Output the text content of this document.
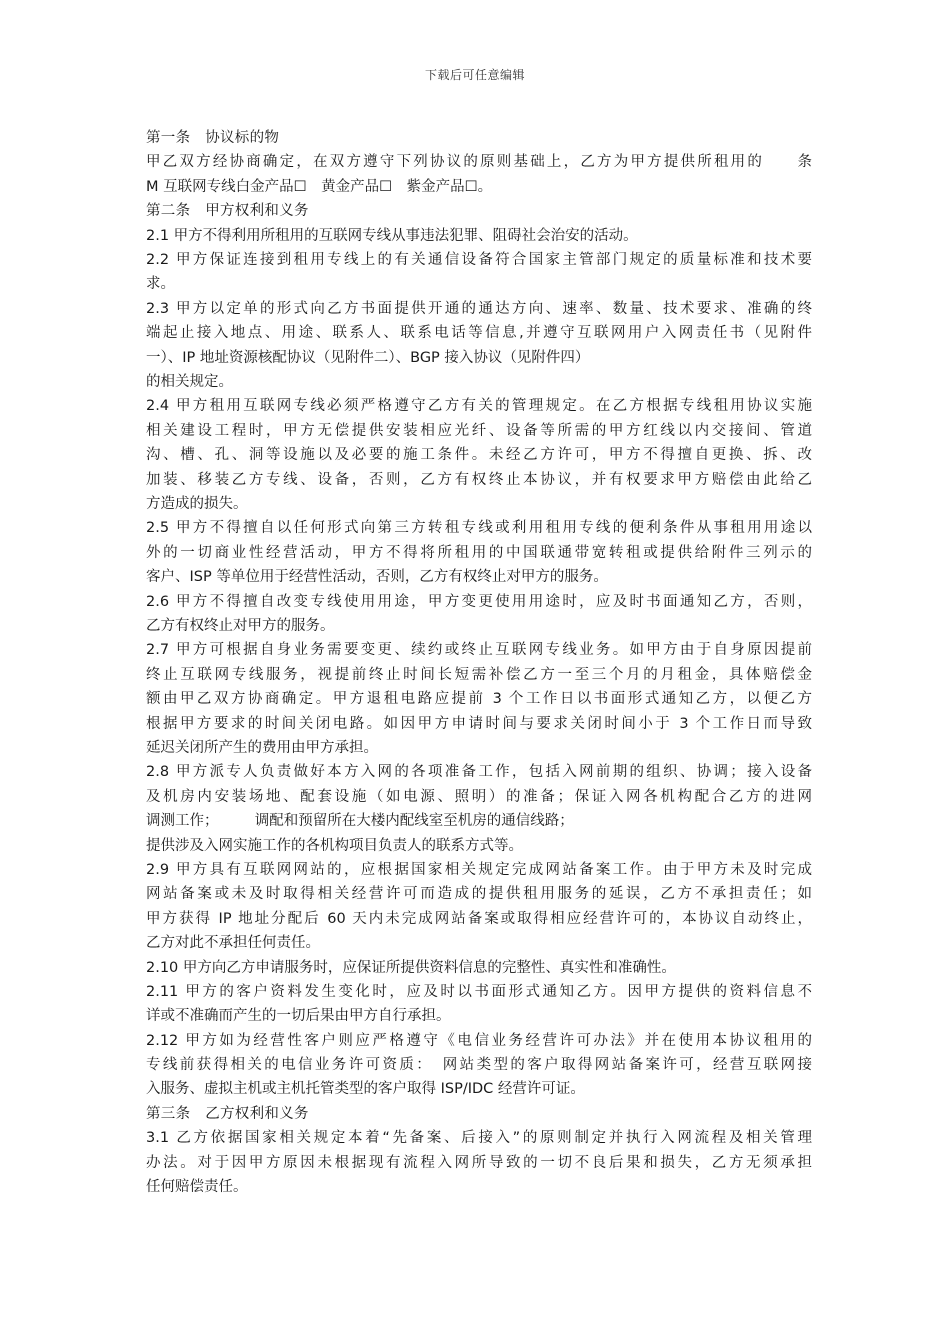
下载后可任意编辑
第一条　协议标的物
甲乙双方经协商确定，在双方遵守下列协议的原则基础上，乙方为甲方提供所租用的　　条
M 互联网专线白金产品☐　黄金产品☐　紫金产品☐。
第二条　甲方权利和义务
2.1 甲方不得利用所租用的互联网专线从事违法犯罪、阻碍社会治安的活动。
2.2 甲方保证连接到租用专线上的有关通信设备符合国家主管部门规定的质量标准和技术要
求。
2.3 甲方以定单的形式向乙方书面提供开通的通达方向、速率、数量、技术要求、准确的终
端起止接入地点、用途、联系人、联系电话等信息,并遵守互联网用户入网责任书（见附件
一）、IP 地址资源核配协议（见附件二）、BGP 接入协议（见附件四）
的相关规定。
2.4 甲方租用互联网专线必须严格遵守乙方有关的管理规定。在乙方根据专线租用协议实施
相关建设工程时，甲方无偿提供安装相应光纤、设备等所需的甲方红线以内交接间、管道
沟、槽、孔、洞等设施以及必要的施工条件。未经乙方许可，甲方不得擅自更换、拆、改
加装、移装乙方专线、设备，否则，乙方有权终止本协议，并有权要求甲方赔偿由此给乙
方造成的损失。
2.5 甲方不得擅自以任何形式向第三方转租专线或利用租用专线的便利条件从事租用用途以
外的一切商业性经营活动，甲方不得将所租用的中国联通带宽转租或提供给附件三列示的
客户、ISP 等单位用于经营性活动，否则，乙方有权终止对甲方的服务。
2.6 甲方不得擅自改变专线使用用途，甲方变更使用用途时，应及时书面通知乙方，否则，
乙方有权终止对甲方的服务。
2.7 甲方可根据自身业务需要变更、续约或终止互联网专线业务。如甲方由于自身原因提前
终止互联网专线服务，视提前终止时间长短需补偿乙方一至三个月的月租金，具体赔偿金
额由甲乙双方协商确定。甲方退租电路应提前 3 个工作日以书面形式通知乙方，以便乙方
根据甲方要求的时间关闭电路。如因甲方申请时间与要求关闭时间小于 3 个工作日而导致
延迟关闭所产生的费用由甲方承担。
2.8 甲方派专人负责做好本方入网的各项准备工作，包括入网前期的组织、协调；接入设备
及机房内安装场地、配套设施（如电源、照明）的准备；保证入网各机构配合乙方的进网
调测工作；　　　调配和预留所在大楼内配线室至机房的通信线路；
提供涉及入网实施工作的各机构项目负责人的联系方式等。
2.9 甲方具有互联网网站的，应根据国家相关规定完成网站备案工作。由于甲方未及时完成
网站备案或未及时取得相关经营许可而造成的提供租用服务的延误，乙方不承担责任；如
甲方获得 IP 地址分配后 60 天内未完成网站备案或取得相应经营许可的，本协议自动终止，
乙方对此不承担任何责任。
2.10 甲方向乙方申请服务时，应保证所提供资料信息的完整性、真实性和准确性。
2.11 甲方的客户资料发生变化时，应及时以书面形式通知乙方。因甲方提供的资料信息不
详或不准确而产生的一切后果由甲方自行承担。
2.12 甲方如为经营性客户则应严格遵守《电信业务经营许可办法》并在使用本协议租用的
专线前获得相关的电信业务许可资质：　网站类型的客户取得网站备案许可，经营互联网接
入服务、虚拟主机或主机托管类型的客户取得 ISP/IDC 经营许可证。
第三条　乙方权利和义务
3.1 乙方依据国家相关规定本着“先备案、后接入”的原则制定并执行入网流程及相关管理
办法。对于因甲方原因未根据现有流程入网所导致的一切不良后果和损失，乙方无须承担
任何赔偿责任。
